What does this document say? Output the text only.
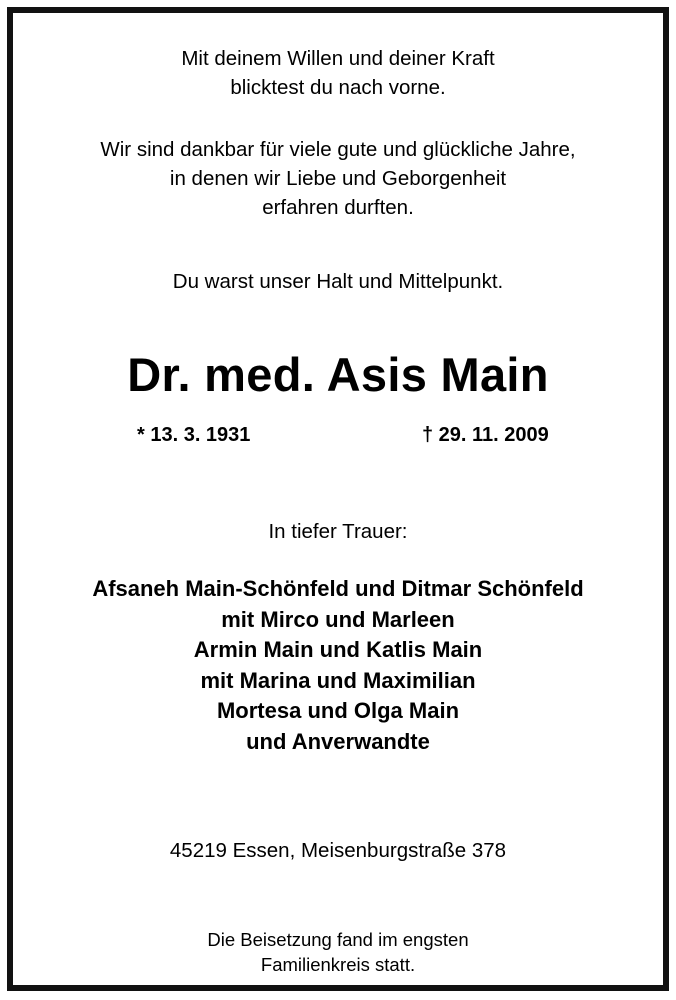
Mit deinem Willen und deiner Kraft
blicktest du nach vorne.
Wir sind dankbar für viele gute und glückliche Jahre,
in denen wir Liebe und Geborgenheit
erfahren durften.
Du warst unser Halt und Mittelpunkt.
Dr. med. Asis Main
* 13. 3. 1931	† 29. 11. 2009
In tiefer Trauer:
Afsaneh Main-Schönfeld und Ditmar Schönfeld
mit Mirco und Marleen
Armin Main und Katlis Main
mit Marina und Maximilian
Mortesa und Olga Main
und Anverwandte
45219 Essen, Meisenburgstraße 378
Die Beisetzung fand im engsten
Familienkreis statt.
